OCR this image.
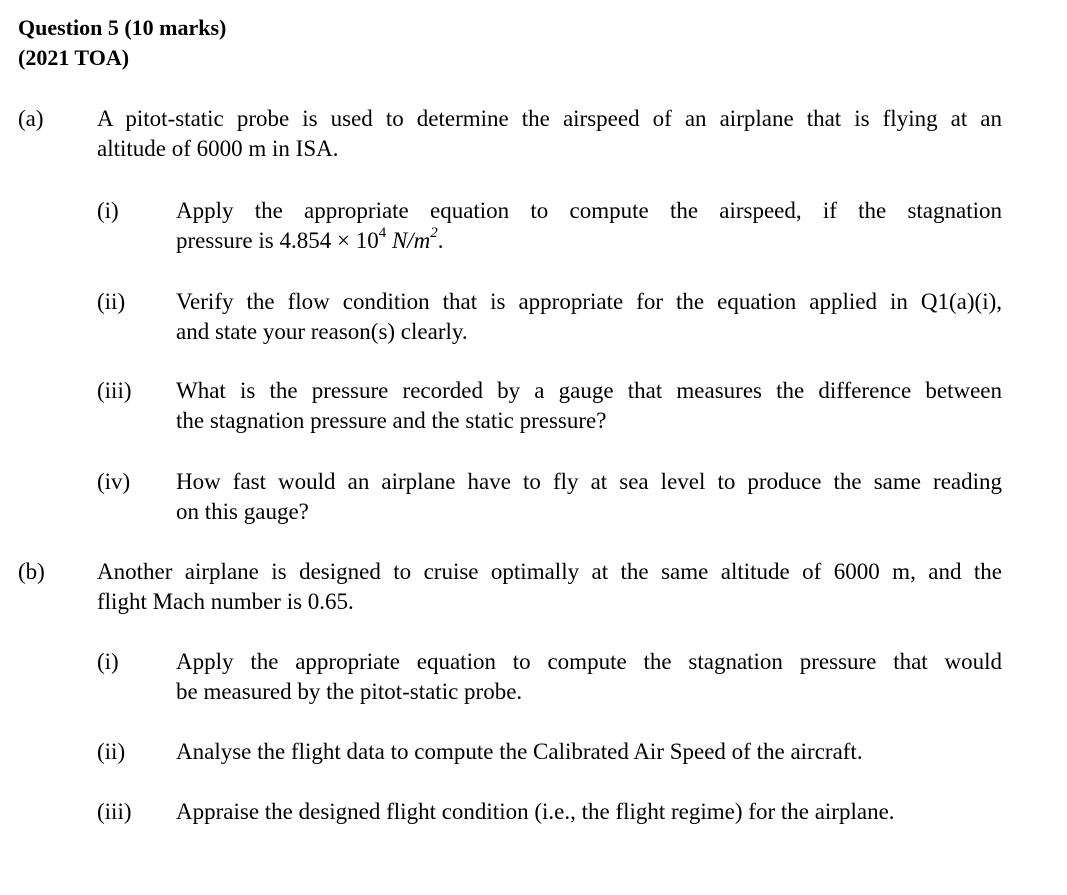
Question 5 (10 marks)
(2021 TOA)
(a) A pitot-static probe is used to determine the airspeed of an airplane that is flying at an
altitude of 6000 m in ISA.
(i) Apply the appropriate equation to compute the airspeed, if the stagnation
pressure is $4.854 \times 10^4$ $N/m^2$.
(ii) Verify the flow condition that is appropriate for the equation applied in Q1(a)(i),
and state your reason(s) clearly.
(iii) What is the pressure recorded by a gauge that measures the difference between
the stagnation pressure and the static pressure?
(iv) How fast would an airplane have to fly at sea level to produce the same reading
on this gauge?
(b) Another airplane is designed to cruise optimally at the same altitude of 6000 m, and the
flight Mach number is 0.65.
(i) Apply the appropriate equation to compute the stagnation pressure that would
be measured by the pitot-static probe.
(ii) Analyse the flight data to compute the Calibrated Air Speed of the aircraft.
(iii) Appraise the designed flight condition (i.e., the flight regime) for the airplane.
